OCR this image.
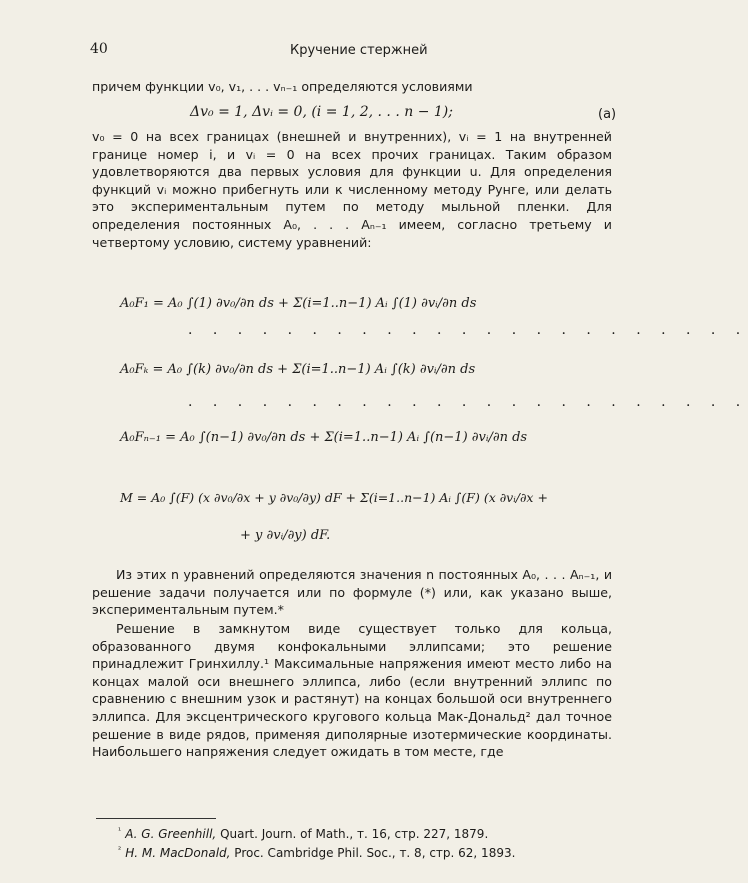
40	Кручение стержней

причем функции v₀, v₁, . . . vₙ₋₁ определяются условиями

Δv₀ = 1, Δvᵢ = 0, (i = 1, 2, . . . n − 1);	(a)

v₀ = 0 на всех границах (внешней и внутренних), vᵢ = 1 на внутренней границе номер i, и vᵢ = 0 на всех прочих границах. Таким образом удовлетворяются два первых условия для функции u. Для определения функций vᵢ можно прибегнуть или к численному методу Рунге, или делать это экспериментальным путем по методу мыльной пленки. Для определения постоянных A₀, . . . Aₙ₋₁ имеем, согласно третьему и четвертому условию, систему уравнений:

A₀F₁ = A₀ ∫(1) ∂v₀/∂n ds + Σ(i=1..n−1) Aᵢ ∫(1) ∂vᵢ/∂n ds
· · · · · · · · · · · · · · · · · · · · · · ·
A₀Fₖ = A₀ ∫(k) ∂v₀/∂n ds + Σ(i=1..n−1) Aᵢ ∫(k) ∂vᵢ/∂n ds
· · · · · · · · · · · · · · · · · · · · · · ·
A₀Fₙ₋₁ = A₀ ∫(n−1) ∂v₀/∂n ds + Σ(i=1..n−1) Aᵢ ∫(n−1) ∂vᵢ/∂n ds
M = A₀ ∫(F) (x ∂v₀/∂x + y ∂v₀/∂y) dF + Σ(i=1..n−1) Aᵢ ∫(F) (x ∂vᵢ/∂x +
+ y ∂vᵢ/∂y) dF.

Из этих n уравнений определяются значения n постоянных A₀, . . . Aₙ₋₁, и решение задачи получается или по формуле (*) или, как указано выше, экспериментальным путем.*

Решение в замкнутом виде существует только для кольца, образованного двумя конфокальными эллипсами; это решение принадлежит Гринхиллу.¹ Максимальные напряжения имеют место либо на концах малой оси внешнего эллипса, либо (если внутренний эллипс по сравнению с внешним узок и растянут) на концах большой оси внутреннего эллипса. Для эксцентрического кругового кольца Мак-Дональд² дал точное решение в виде рядов, применяя диполярные изотермические координаты. Наибольшего напряжения следует ожидать в том месте, где

$^{^1}$ A. G. Greenhill, Quart. Journ. of Math., т. 16, стр. 227, 1879.
$^{^2}$ H. M. MacDonald, Proc. Cambridge Phil. Soc., т. 8, стр. 62, 1893.
